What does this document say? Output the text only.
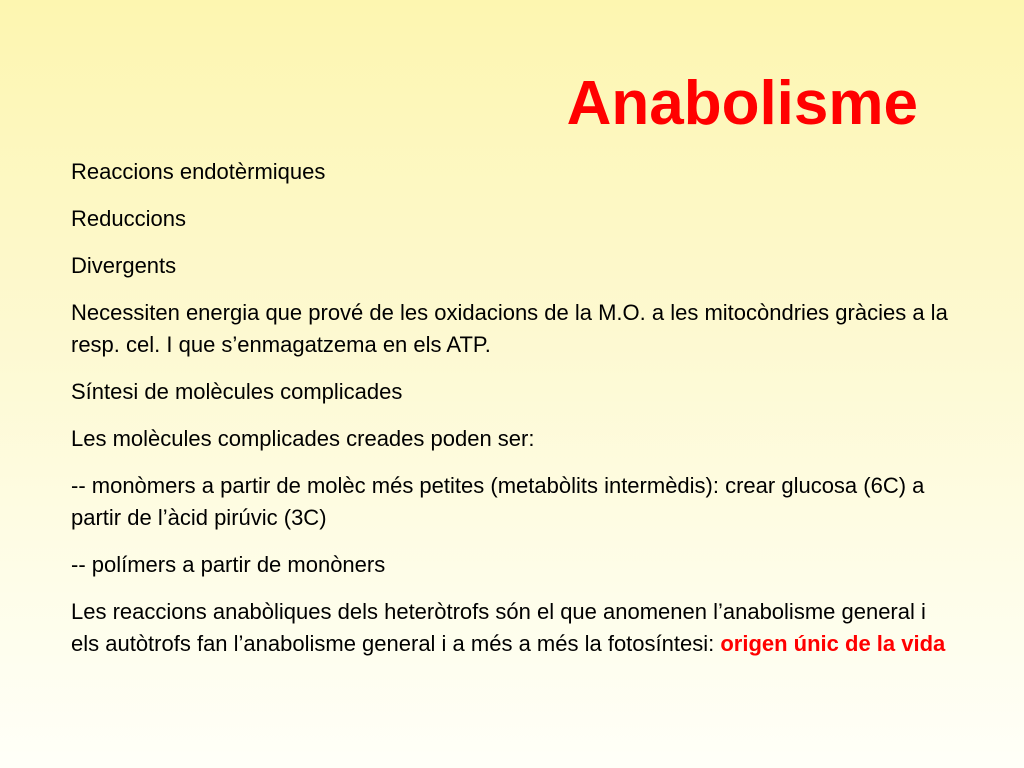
Anabolisme

Reaccions endotèrmiques

Reduccions

Divergents

Necessiten energia que prové de les oxidacions de la M.O. a les mitocòndries gràcies a la resp. cel. I que s’enmagatzema en els ATP.

Síntesi de molècules complicades

Les molècules complicades creades poden ser:

-- monòmers a partir de molèc més petites (metabòlits intermèdis): crear glucosa (6C) a partir de l’àcid pirúvic (3C)

-- polímers a partir de monòners

Les reaccions anabòliques dels heteròtrofs són el que anomenen l’anabolisme general i els autòtrofs fan l’anabolisme general i a més a més la fotosíntesi: origen únic de la vida
